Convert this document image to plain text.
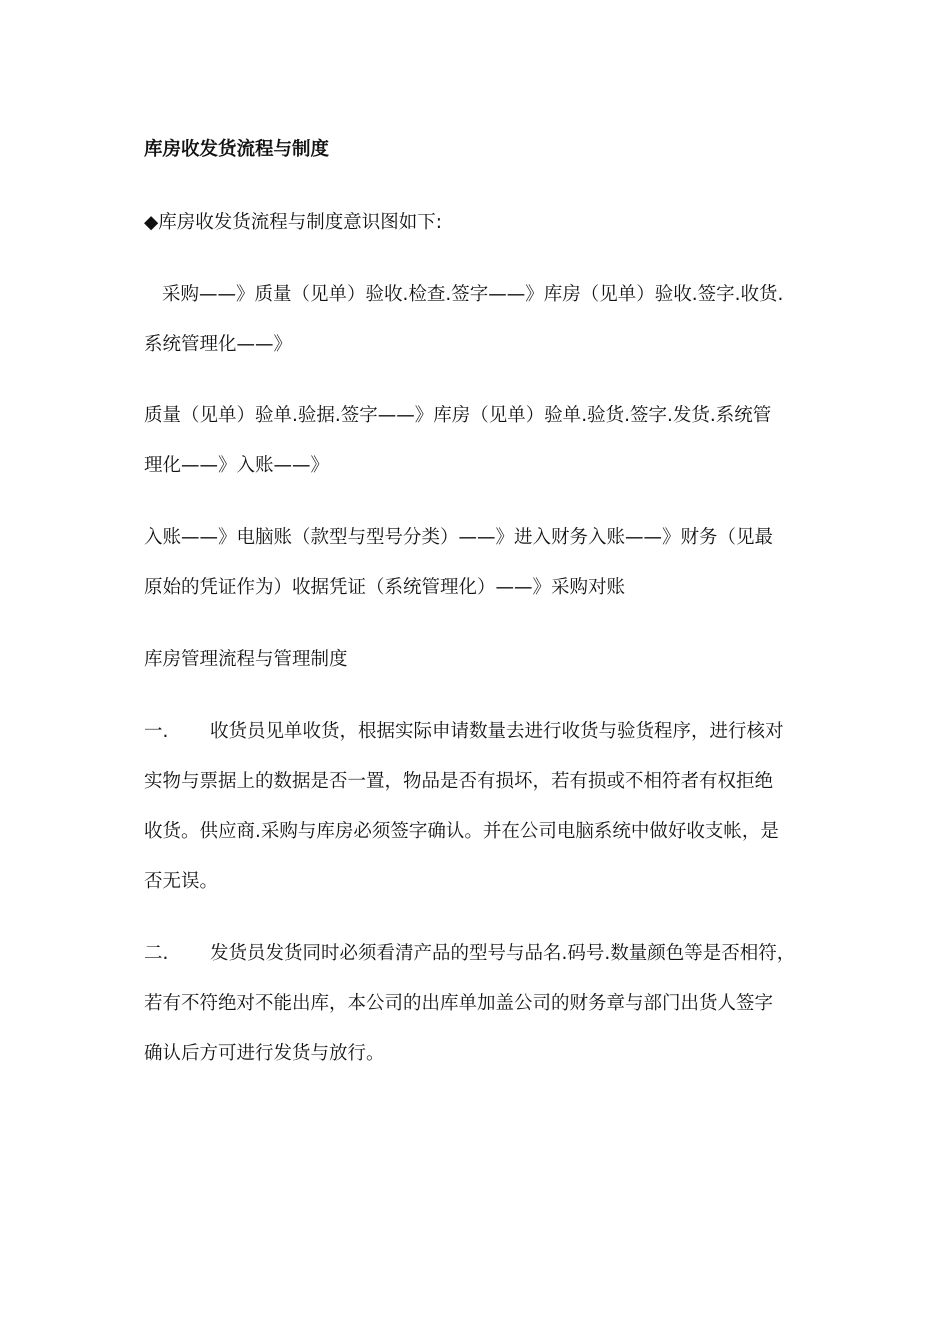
库房收发货流程与制度
◆库房收发货流程与制度意识图如下:
采购——》质量（见单）验收.检查.签字——》库房（见单）验收.签字.收货.
系统管理化——》
质量（见单）验单.验据.签字——》库房（见单）验单.验货.签字.发货.系统管
理化——》入账——》
入账——》电脑账（款型与型号分类）——》进入财务入账——》财务（见最
原始的凭证作为）收据凭证（系统管理化）——》采购对账
库房管理流程与管理制度
一. 收货员见单收货，根据实际申请数量去进行收货与验货程序，进行核对
实物与票据上的数据是否一置，物品是否有损坏，若有损或不相符者有权拒绝
收货。供应商.采购与库房必须签字确认。并在公司电脑系统中做好收支帐，是
否无误。
二. 发货员发货同时必须看清产品的型号与品名.码号.数量颜色等是否相符，
若有不符绝对不能出库，本公司的出库单加盖公司的财务章与部门出货人签字
确认后方可进行发货与放行。
